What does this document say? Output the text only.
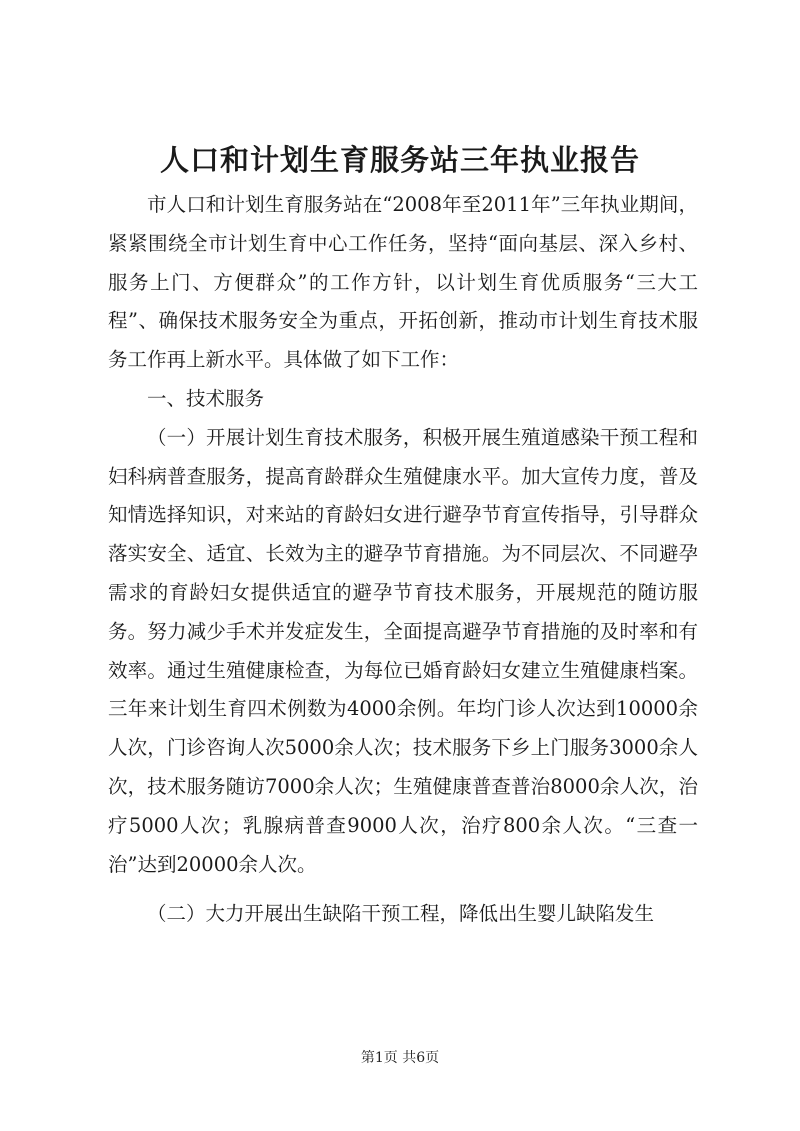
人口和计划生育服务站三年执业报告

市人口和计划生育服务站在“2008年至2011年”三年执业期间，紧紧围绕全市计划生育中心工作任务，坚持“面向基层、深入乡村、服务上门、方便群众”的工作方针，以计划生育优质服务“三大工程”、确保技术服务安全为重点，开拓创新，推动市计划生育技术服务工作再上新水平。具体做了如下工作：

一、技术服务

（一）开展计划生育技术服务，积极开展生殖道感染干预工程和妇科病普查服务，提高育龄群众生殖健康水平。加大宣传力度，普及知情选择知识，对来站的育龄妇女进行避孕节育宣传指导，引导群众落实安全、适宜、长效为主的避孕节育措施。为不同层次、不同避孕需求的育龄妇女提供适宜的避孕节育技术服务，开展规范的随访服务。努力减少手术并发症发生，全面提高避孕节育措施的及时率和有效率。通过生殖健康检查，为每位已婚育龄妇女建立生殖健康档案。三年来计划生育四术例数为4000余例。年均门诊人次达到10000余人次，门诊咨询人次5000余人次；技术服务下乡上门服务3000余人次，技术服务随访7000余人次；生殖健康普查普治8000余人次，治疗5000人次；乳腺病普查9000人次，治疗800余人次。“三查一治”达到20000余人次。

（二）大力开展出生缺陷干预工程，降低出生婴儿缺陷发生

第1页 共6页
